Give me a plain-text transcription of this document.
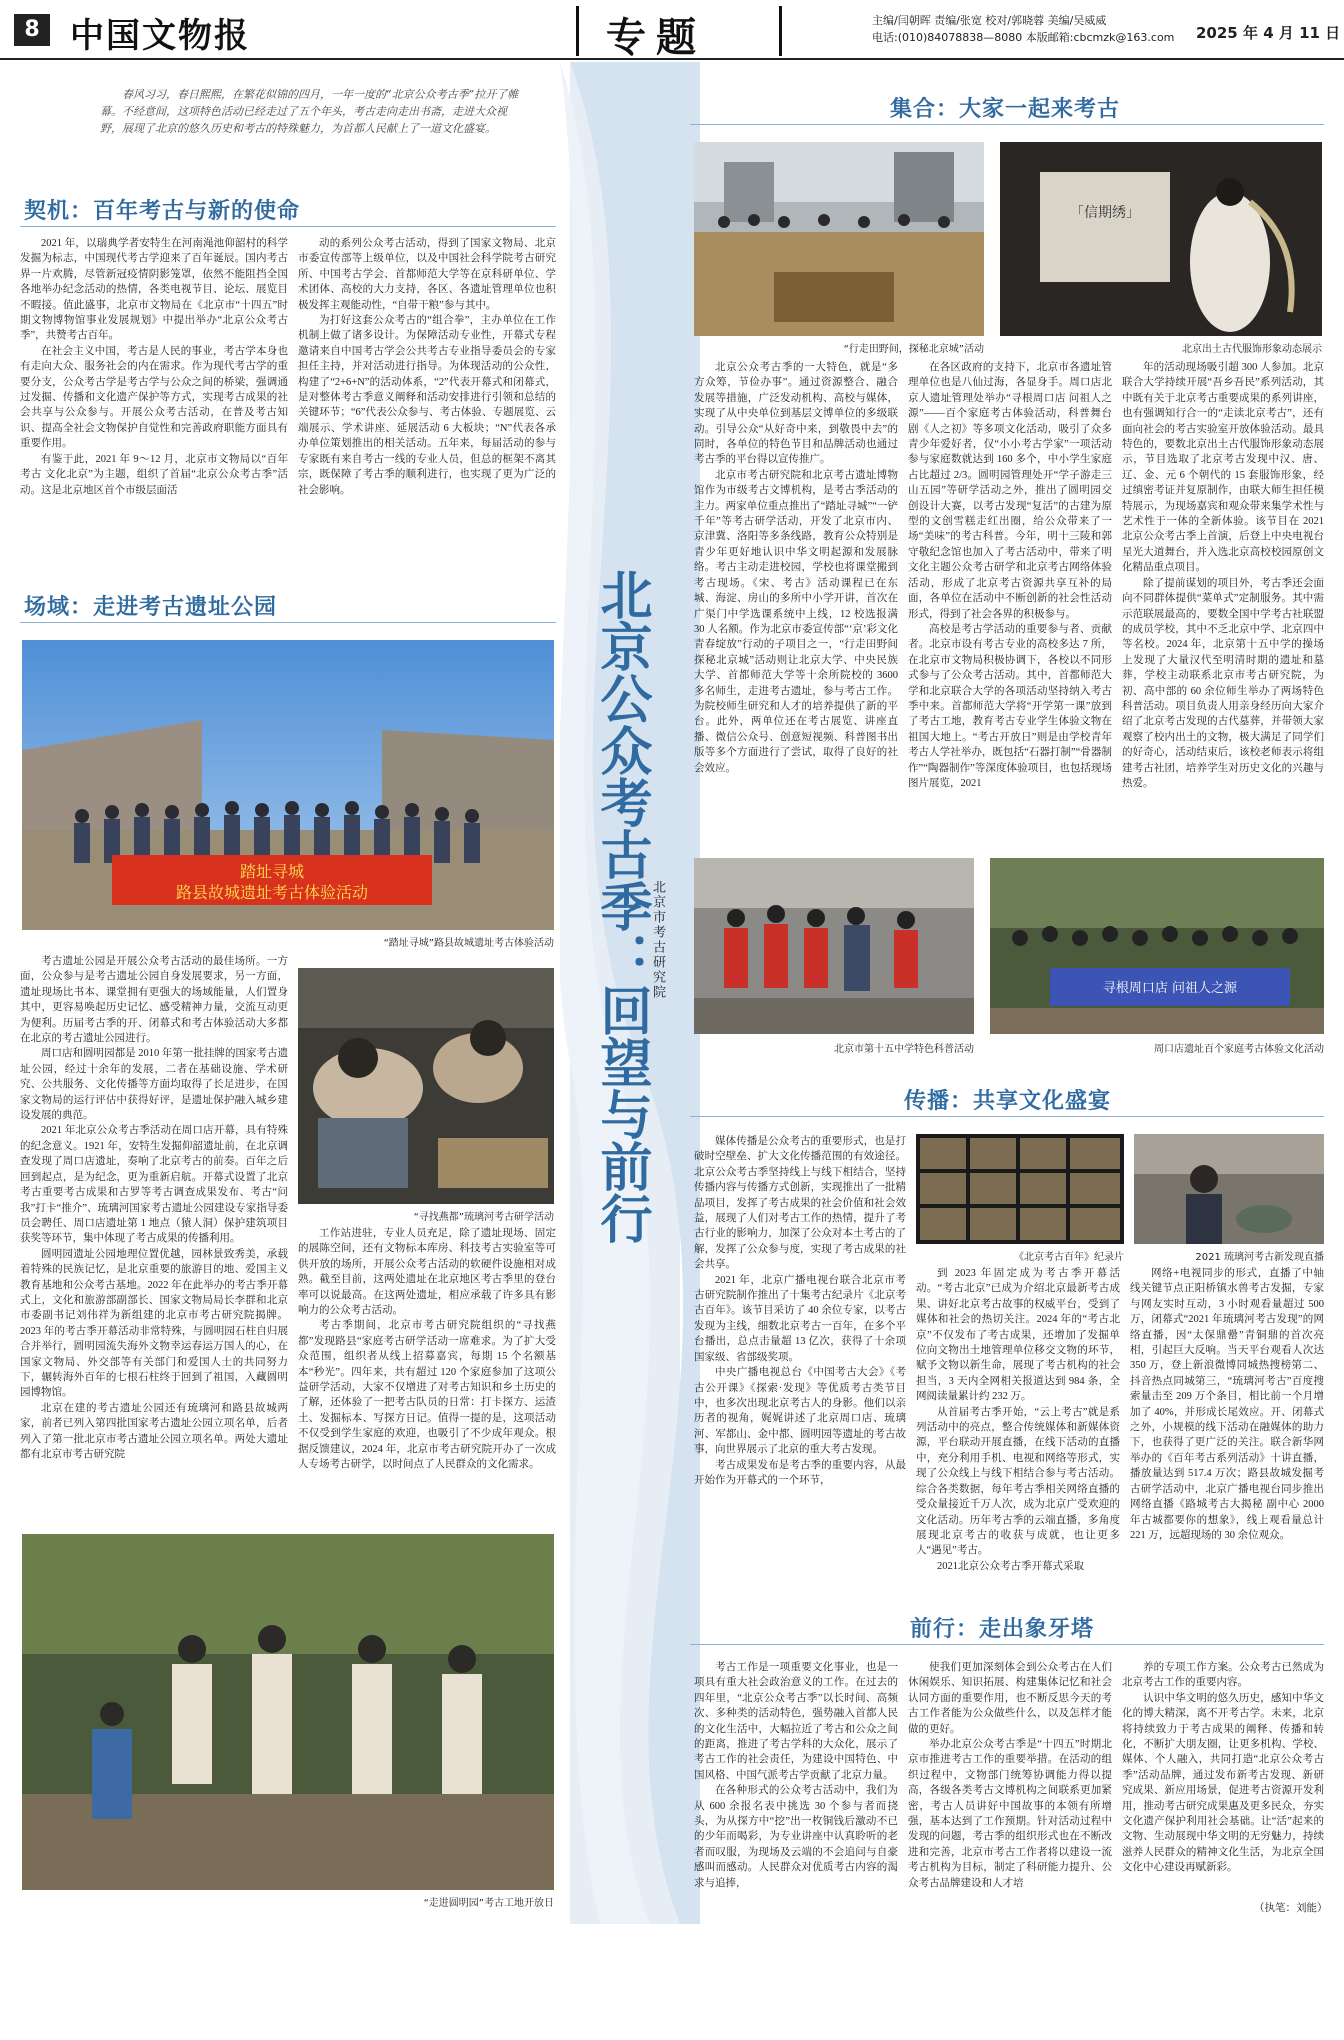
8 中国文物报	专题	主编/闫朝晖 责编/张宽 校对/郭晓蓉 美编/吴威威
电话:(010)84078838—8080 本版邮箱:cbcmzk@163.com 2025 年 4 月 11 日
春风习习，春日熙熙，在繁花似锦的四月，一年一度的“北京公众考古季”拉开了帷幕。不经意间，这项特色活动已经走过了五个年头，考古走向走出书斋，走进大众视野，展现了北京的悠久历史和考古的特殊魅力，为首都人民献上了一道文化盛宴。
北京公众考古季：回望与前行
北京市考古研究院
契机：百年考古与新的使命

2021 年，以瑞典学者安特生在河南渑池仰韶村的科学发掘为标志，中国现代考古学迎来了百年诞辰。国内考古界一片欢腾，尽管新冠疫情阴影笼罩，依然不能阻挡全国各地举办纪念活动的热情，各类电视节目、论坛、展览目不暇接。值此盛事，北京市文物局在《北京市“十四五”时期文物博物馆事业发展规划》中提出举办“北京公众考古季”，共赞考古百年。

在社会主义中国，考古是人民的事业，考古学本身也有走向大众、服务社会的内在需求。作为现代考古学的重要分支，公众考古学是考古学与公众之间的桥梁，强调通过发掘、传播和文化遗产保护等方式，实现考古成果的社会共享与公众参与。开展公众考古活动，在普及考古知识、提高全社会文物保护自觉性和完善政府职能方面具有重要作用。

有鉴于此，2021 年 9～12 月，北京市文物局以“百年考古 文化北京”为主题，组织了首届“北京公众考古季”活动。这是北京地区首个市级层面活

动的系列公众考古活动，得到了国家文物局、北京市委宣传部等上级单位，以及中国社会科学院考古研究所、中国考古学会、首都师范大学等在京科研单位、学术团体、高校的大力支持，各区、各遗址管理单位也积极发挥主观能动性，“自带干粮”参与其中。

为打好这套公众考古的“组合拳”，主办单位在工作机制上做了诸多设计。为保障活动专业性，开幕式专程邀请来自中国考古学会公共考古专业指导委员会的专家担任主持，并对活动进行指导。为体现活动的公众性，构建了“2+6+N”的活动体系，“2”代表开幕式和闭幕式，是对整体考古季意义阐释和活动安排进行引领和总结的关键环节；“6”代表公众参与、考古体验、专题展览、云端展示、学术讲座、延展活动 6 大板块；“N”代表各承办单位策划推出的相关活动。五年来，每届活动的参与专家既有来自考古一线的专业人员，但总的框架不离其宗，既保障了考古季的顺利进行，也实现了更为广泛的社会影响。

场域：走进考古遗址公园
踏址寻城
路县故城遗址考古体验活动
“踏址寻城”路县故城遗址考古体验活动

考古遗址公园是开展公众考古活动的最佳场所。一方面，公众参与是考古遗址公园自身发展要求，另一方面，遗址现场比书本、课堂拥有更强大的场域能量，人们置身其中，更容易唤起历史记忆、感受精神力量，交流互动更为便利。历届考古季的开、闭幕式和考古体验活动大多都在北京的考古遗址公园进行。

周口店和圆明园都是 2010 年第一批挂牌的国家考古遗址公园，经过十余年的发展，二者在基础设施、学术研究、公共服务、文化传播等方面均取得了长足进步，在国家文物局的运行评估中获得好评，是遗址保护融入城乡建设发展的典范。

2021 年北京公众考古季活动在周口店开幕，具有特殊的纪念意义。1921 年，安特生发掘仰韶遗址前，在北京调查发现了周口店遗址，奏响了北京考古的前奏。百年之后回到起点，是为纪念，更为重新启航。开幕式设置了北京考古重要考古成果和古罗等考古调查成果发布、考古“问我”打卡“推介”、琉璃河国家考古遗址公园建设专家指导委员会聘任、周口店遗址第 1 地点（猿人洞）保护建筑项目获奖等环节，集中体现了考古成果的传播利用。

圆明园遗址公园地理位置优越，园林景致秀美，承载着特殊的民族记忆，是北京重要的旅游目的地、爱国主义教育基地和公众考古基地。2022 年在此举办的考古季开幕式上，文化和旅游部副部长、国家文物局局长李群和北京市委副书记刘伟祥为新组建的北京市考古研究院揭牌。2023 年的考古季开幕活动非常特殊，与圆明园石柱自归展合并举行，圆明园流失海外文物幸运春运万国人的心，在国家文物局、外交部等有关部门和爱国人士的共同努力下，辗转海外百年的七根石柱终于回到了祖国，入藏圆明园博物馆。

北京在建的考古遗址公园还有琉璃河和路县故城两家，前者已列入第四批国家考古遗址公园立项名单，后者列入了第一批北京市考古遗址公园立项名单。两处大遗址都有北京市考古研究院

“寻找燕都”琉璃河考古研学活动

工作站进驻，专业人员充足，除了遗址现场、固定的展陈空间，还有文物标本库房、科技考古实验室等可供开放的场所，开展公众考古活动的软硬件设施相对成熟。截至目前，这两处遗址在北京地区考古季里的登台率可以说最高。在这两处遗址，相应承载了许多具有影响力的公众考古活动。

考古季期间，北京市考古研究院组织的“寻找燕都”发现路县“家庭考古研学活动一席难求。为了扩大受众范围，组织者从线上招募嘉宾，每期 15 个名额基本“秒光”。四年来，共有超过 120 个家庭参加了这项公益研学活动，大家不仅增进了对考古知识和乡土历史的了解，还体验了一把考古队员的日常：打卡探方、运渣土、发掘标本、写探方日记。值得一提的是，这项活动不仅受到学生家庭的欢迎，也吸引了不少成年观众。根据反馈建议，2024 年，北京市考古研究院开办了一次成人专场考古研学，以时间点了人民群众的文化需求。

“走进圆明园”考古工地开放日
集合：大家一起来考古
“行走田野间，探秘北京城”活动
「信期绣」
北京出土古代服饰形象动态展示

北京公众考古季的一大特色，就是“多方众筹，节俭办事”。通过资源整合、融合发展等措施，广泛发动机构、高校与媒体，实现了从中央单位到基层文博单位的多级联动。引导公众“从好奇中来，到敬畏中去”的同时，各单位的特色节目和品牌活动也通过考古季的平台得以宣传推广。

北京市考古研究院和北京考古遗址博物馆作为市级考古文博机构，是考古季活动的主力。两家单位重点推出了“踏址寻城”“一铲千年”等考古研学活动，开发了北京市内、京津冀、洛阳等多条线路，教育公众特别是青少年更好地认识中华文明起源和发展脉络。考古主动走进校园，学校也将课堂搬到考古现场。《宋、考古》活动课程已在东城、海淀、房山的多所中小学开讲，首次在广渠门中学选课系统中上线，12 校选报满 30 人名额。作为北京市委宣传部“‘京’彩文化 青春绽放”行动的子项目之一，“行走田野间 探秘北京城”活动则让北京大学、中央民族大学、首都师范大学等十余所院校的 3600 多名师生，走进考古遗址，参与考古工作。为院校师生研究和人才的培养提供了新的平台。此外，两单位还在考古展览、讲座直播、微信公众号、创意短视频、科普图书出版等多个方面进行了尝试，取得了良好的社会效应。

在各区政府的支持下，北京市各遗址管理单位也是八仙过海，各显身手。周口店北京人遗址管理处举办“寻根周口店 问祖人之源”——百个家庭考古体验活动，科普舞台剧《人之初》等多项文化活动，吸引了众多青少年爱好者，仅“小小考古学家”一项活动参与家庭数就达到 160 多个，中小学生家庭占比超过 2/3。圆明园管理处开“学子游走三山五园”等研学活动之外，推出了圆明园交创设计大赛，以考古发现“复活”的古建为原型的文创雪糕走红出圈，给公众带来了一场“美味”的考古科普。今年，明十三陵和郭守敬纪念馆也加入了考古活动中，带来了明文化主题公众考古研学和北京考古网络体验活动，形成了北京考古资源共享互补的局面，各单位在活动中不断创新的社会性活动形式，得到了社会各界的积极参与。

高校是考古学活动的重要参与者、贡献者。北京市设有考古专业的高校多达 7 所，在北京市文物局积极协调下，各校以不同形式参与了公众考古活动。其中，首都师范大学和北京联合大学的各项活动坚持纳入考古季中来。首都师范大学将“开学第一课”放到了考古工地，教育考古专业学生体验文物在祖国大地上。“考古开放日”则是由学校青年考古人学社举办，既包括“石器打制”“骨器制作”“陶器制作”等深度体验项目，也包括现场图片展览，2021

年的活动现场吸引超 300 人参加。北京联合大学持续开展“吾乡吾民”系列活动，其中既有关于北京考古重要成果的系列讲座，也有强调知行合一的“走读北京考古”，还有面向社会的考古实验室开放体验活动。最具特色的，要数北京出土古代服饰形象动态展示，节目选取了北京考古发现中汉、唐、辽、金、元 6 个朝代的 15 套服饰形象，经过缜密考证并复原制作，由联大师生担任模特展示，为现场嘉宾和观众带来集学术性与艺术性于一体的全新体验。该节目在 2021 北京公众考古季上首演，后登上中央电视台星光大道舞台，并入选北京高校校园原创文化精品重点项目。

除了提前谋划的项目外，考古季还会面向不同群体提供“菜单式”定制服务。其中需示范联展最高的，要数全国中学考古社联盟的成员学校，其中不乏北京中学、北京四中等名校。2024 年，北京第十五中学的操场上发现了大量汉代至明清时期的遗址和墓葬，学校主动联系北京市考古研究院，为初、高中部的 60 余位师生举办了两场特色科普活动。项目负责人用亲身经历向大家介绍了北京考古发现的古代墓葬，并带领大家观察了校内出土的文物，极大满足了同学们的好奇心，活动结束后，该校老师表示将组建考古社团，培养学生对历史文化的兴趣与热爱。

北京市第十五中学特色科普活动
寻根周口店 问祖人之源
周口店遗址百个家庭考古体验文化活动
传播：共享文化盛宴

媒体传播是公众考古的重要形式，也是打破时空壁垒、扩大文化传播范围的有效途径。北京公众考古季坚持线上与线下相结合，坚持传播内容与传播方式创新，实现推出了一批精品项目，发挥了考古成果的社会价值和社会效益，展现了人们对考古工作的热情，提升了考古行业的影响力，加深了公众对本土考古的了解，发挥了公众参与度，实现了考古成果的社会共享。

2021 年，北京广播电视台联合北京市考古研究院制作推出了十集考古纪录片《北京考古百年》。该节目采访了 40 余位专家，以考古发现为主线，细数北京考古一百年，在多个平台播出，总点击量超 13 亿次，获得了十余项国家级、省部级奖项。

中央广播电视总台《中国考古大会》《考古公开课》《探索·发现》等优质考古类节目中，也多次出现北京考古人的身影。他们以亲历者的视角，娓娓讲述了北京周口店、琉璃河、军都山、金中都、圆明园等遗址的考古故事，向世界展示了北京的重大考古发现。

考古成果发布是考古季的重要内容，从最开始作为开幕式的一个环节，

《北京考古百年》纪录片	2021 琉璃河考古新发现直播

到 2023 年固定成为考古季开幕活动。“考古北京”已成为介绍北京最新考古成果、讲好北京考古故事的权威平台，受到了媒体和社会的热切关注。2024 年的“考古北京”不仅发布了考古成果，还增加了发掘单位向文物出土地管理单位移交文物的环节，赋予文物以新生命，展现了考古机构的社会担当，3 天内全网相关报道达到 984 条，全网阅读量累计约 232 万。

从首届考古季开始，“云上考古”就是系列活动中的亮点，整合传统媒体和新媒体资源，平台联动开展直播，在线下活动的直播中，充分利用手机、电视和网络等形式，实现了公众线上与线下相结合参与考古活动。综合各类数据，每年考古季相关网络直播的受众量接近千万人次，成为北京广受欢迎的文化活动。历年考古季的云端直播，多角度展现北京考古的收获与成就，也让更多人“遇见”考古。

2021北京公众考古季开幕式采取

网络+电视同步的形式，直播了中轴线关键节点正阳桥镇水兽考古发掘，专家与网友实时互动，3 小时观看量超过 500 万，闭幕式“2021 年琉璃河考古发现”的网络直播，因“太保鼎罍”青铜鼎的首次亮相，引起巨大反响。当天平台观看人次达 350 万，登上新浪微博同城热搜榜第二、抖音热点同城第三，“琉璃河考古”百度搜索量击至 209 万个条目，相比前一个月增加了 40%，并形成长尾效应。开、闭幕式之外，小规模的线下活动在融媒体的助力下，也获得了更广泛的关注。联合新华网举办的《百年考古系列活动》十讲直播，播放量达到 517.4 万次；路县故城发掘考古研学活动中，北京广播电视台同步推出网络直播《路城考古大揭秘 副中心 2000 年古城都要你的想象》，线上观看量总计 221 万，远超现场的 30 余位观众。

前行：走出象牙塔

考古工作是一项重要文化事业，也是一项具有重大社会政治意义的工作。在过去的四年里，“北京公众考古季”以长时间、高频次、多种类的活动特色，强势融入首都人民的文化生活中，大幅拉近了考古和公众之间的距离，推进了考古学科的大众化，展示了考古工作的社会责任，为建设中国特色、中国风格、中国气派考古学贡献了北京力量。

在各种形式的公众考古活动中，我们为从 600 余报名表中挑选 30 个参与者而挠头，为从探方中“挖”出一枚铜钱后激动不已的少年而喝彩，为专业讲座中认真聆听的老者而叹服，为现场及云端的不会追问与自豪感叫而感动。人民群众对优质考古内容的渴求与追捧，

使我们更加深刻体会到公众考古在人们休闲娱乐、知识拓展、构建集体记忆和社会认同方面的重要作用，也不断反思今天的考古工作者能为公众做些什么，以及怎样才能做的更好。

举办北京公众考古季是“十四五”时期北京市推进考古工作的重要举措。在活动的组织过程中，文物部门统筹协调能力得以提高，各级各类考古文博机构之间联系更加紧密，考古人员讲好中国故事的本领有所增强，基本达到了工作预期。针对活动过程中发现的问题，考古季的组织形式也在不断改进和完善，北京市考古工作者将以建设一流考古机构为目标，制定了科研能力提升、公众考古品牌建设和人才培

养的专项工作方案。公众考古已然成为北京考古工作的重要内容。

认识中华文明的悠久历史，感知中华文化的博大精深，离不开考古学。未来，北京将持续致力于考古成果的阐释、传播和转化，不断扩大朋友圈，让更多机构、学校、媒体、个人融入，共同打造“北京公众考古季”活动品牌，通过发布新考古发现、新研究成果、新应用场景，促进考古资源开发利用，推动考古研究成果惠及更多民众，夯实文化遗产保护利用社会基础。让“活”起来的文物、生动展现中华文明的无穷魅力，持续滋养人民群众的精神文化生活，为北京全国文化中心建设再赋新彩。

（执笔：刘能）
